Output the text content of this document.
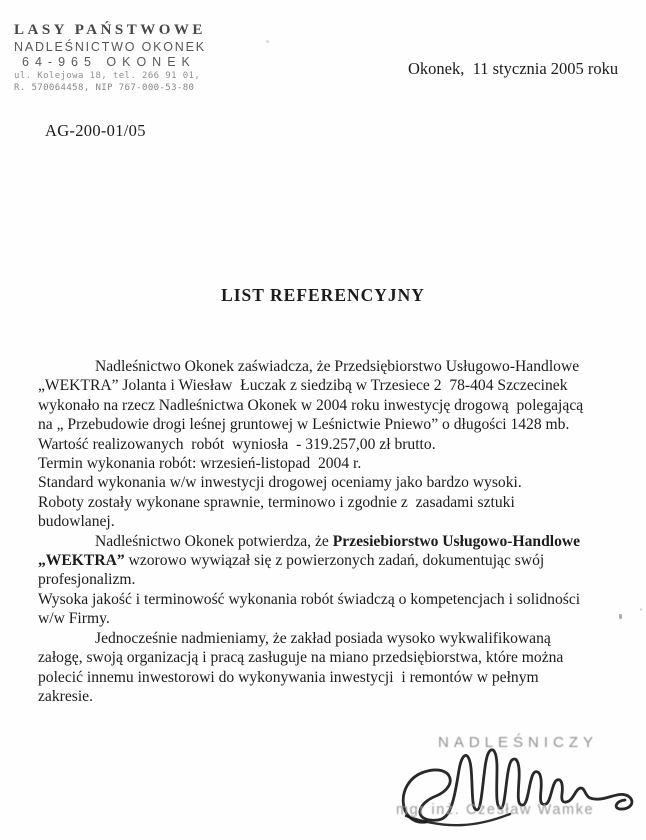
LASY PAŃSTWOWE
NADLEŚNICTWO OKONEK
64-965 OKONEK
ul. Kolejowa 18, tel. 266 91 01,
R. 570064458, NIP 767-000-53-80
Okonek,  11 stycznia 2005 roku
AG-200-01/05
LIST REFERENCYJNY
Nadleśnictwo Okonek zaświadcza, że Przedsiębiorstwo Usługowo-Handlowe
„WEKTRA” Jolanta i Wiesław  Łuczak z siedzibą w Trzesiece 2  78-404 Szczecinek
wykonało na rzecz Nadleśnictwa Okonek w 2004 roku inwestycję drogową  polegającą
na „ Przebudowie drogi leśnej gruntowej w Leśnictwie Pniewo” o długości 1428 mb.
Wartość realizowanych  robót  wyniosła  - 319.257,00 zł brutto.
Termin wykonania robót: wrzesień-listopad  2004 r.
Standard wykonania w/w inwestycji drogowej oceniamy jako bardzo wysoki.
Roboty zostały wykonane sprawnie, terminowo i zgodnie z  zasadami sztuki
budowlanej.
Nadleśnictwo Okonek potwierdza, że Przesiebiorstwo Usługowo-Handlowe
„WEKTRA” wzorowo wywiązał się z powierzonych zadań, dokumentując swój
profesjonalizm.
Wysoka jakość i terminowość wykonania robót świadczą o kompetencjach i solidności
w/w Firmy.
Jednocześnie nadmieniamy, że zakład posiada wysoko wykwalifikowaną
załogę, swoją organizacją i pracą zasługuje na miano przedsiębiorstwa, które można
polecić innemu inwestorowi do wykonywania inwestycji  i remontów w pełnym
zakresie.
NADLEŚNICZY
mgr inż. Czesław Wamke
